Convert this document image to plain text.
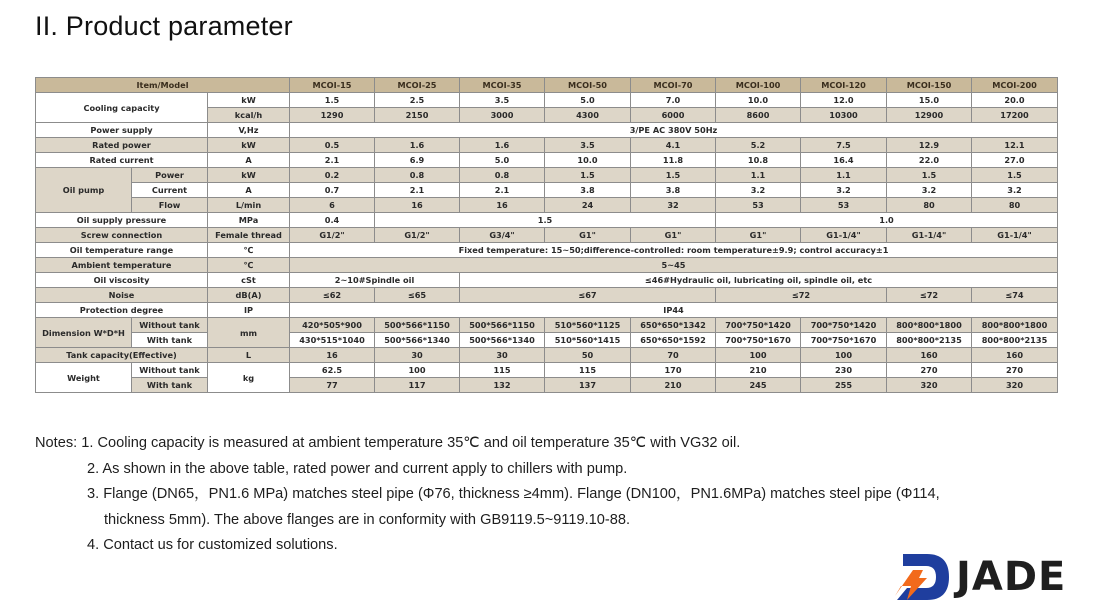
II. Product parameter
Item/Model			MCOI-15	MCOI-25	MCOI-35	MCOI-50	MCOI-70	MCOI-100	MCOI-120	MCOI-150	MCOI-200
Cooling capacity		kW	1.5	2.5	3.5	5.0	7.0	10.0	12.0	15.0	20.0
		kcal/h	1290	2150	3000	4300	6000	8600	10300	12900	17200
Power supply		V,Hz	3/PE AC 380V 50Hz								
Rated power		kW	0.5	1.6	1.6	3.5	4.1	5.2	7.5	12.9	12.1
Rated current		A	2.1	6.9	5.0	10.0	11.8	10.8	16.4	22.0	27.0
Oil pump	Power	kW	0.2	0.8	0.8	1.5	1.5	1.1	1.1	1.5	1.5
	Current	A	0.7	2.1	2.1	3.8	3.8	3.2	3.2	3.2	3.2
	Flow	L/min	6	16	16	24	32	53	53	80	80
Oil supply pressure		MPa	0.4	1.5				1.0			
Screw connection		Female thread	G1/2"	G1/2"	G3/4"	G1"	G1"	G1"	G1-1/4"	G1-1/4"	G1-1/4"
Oil temperature range		℃	Fixed temperature: 15~50;difference-controlled: room temperature±9.9; control accuracy±1								
Ambient temperature		℃	5~45								
Oil viscosity		cSt	2~10#Spindle oil		≤46#Hydraulic oil, lubricating oil, spindle oil, etc						
Noise		dB(A)	≤62	≤65	≤67			≤72		≤72	≤74
Protection degree		IP	IP44								
Dimension W*D*H	Without tank	mm	420*505*900	500*566*1150	500*566*1150	510*560*1125	650*650*1342	700*750*1420	700*750*1420	800*800*1800	800*800*1800
	With tank		430*515*1040	500*566*1340	500*566*1340	510*560*1415	650*650*1592	700*750*1670	700*750*1670	800*800*2135	800*800*2135
Tank capacity(Effective)		L	16	30	30	50	70	100	100	160	160
Weight	Without tank	kg	62.5	100	115	115	170	210	230	270	270
	With tank		77	117	132	137	210	245	255	320	320
Notes: 1. Cooling capacity is measured at ambient temperature 35℃ and oil temperature 35℃ with VG32 oil.
2. As shown in the above table, rated power and current apply to chillers with pump.
3. Flange (DN65，PN1.6 MPa) matches steel pipe (Φ76, thickness ≥4mm). Flange (DN100，PN1.6MPa) matches steel pipe (Φ114,
thickness 5mm). The above flanges are in conformity with GB9119.5~9119.10-88.
4. Contact us for customized solutions.
JADE
